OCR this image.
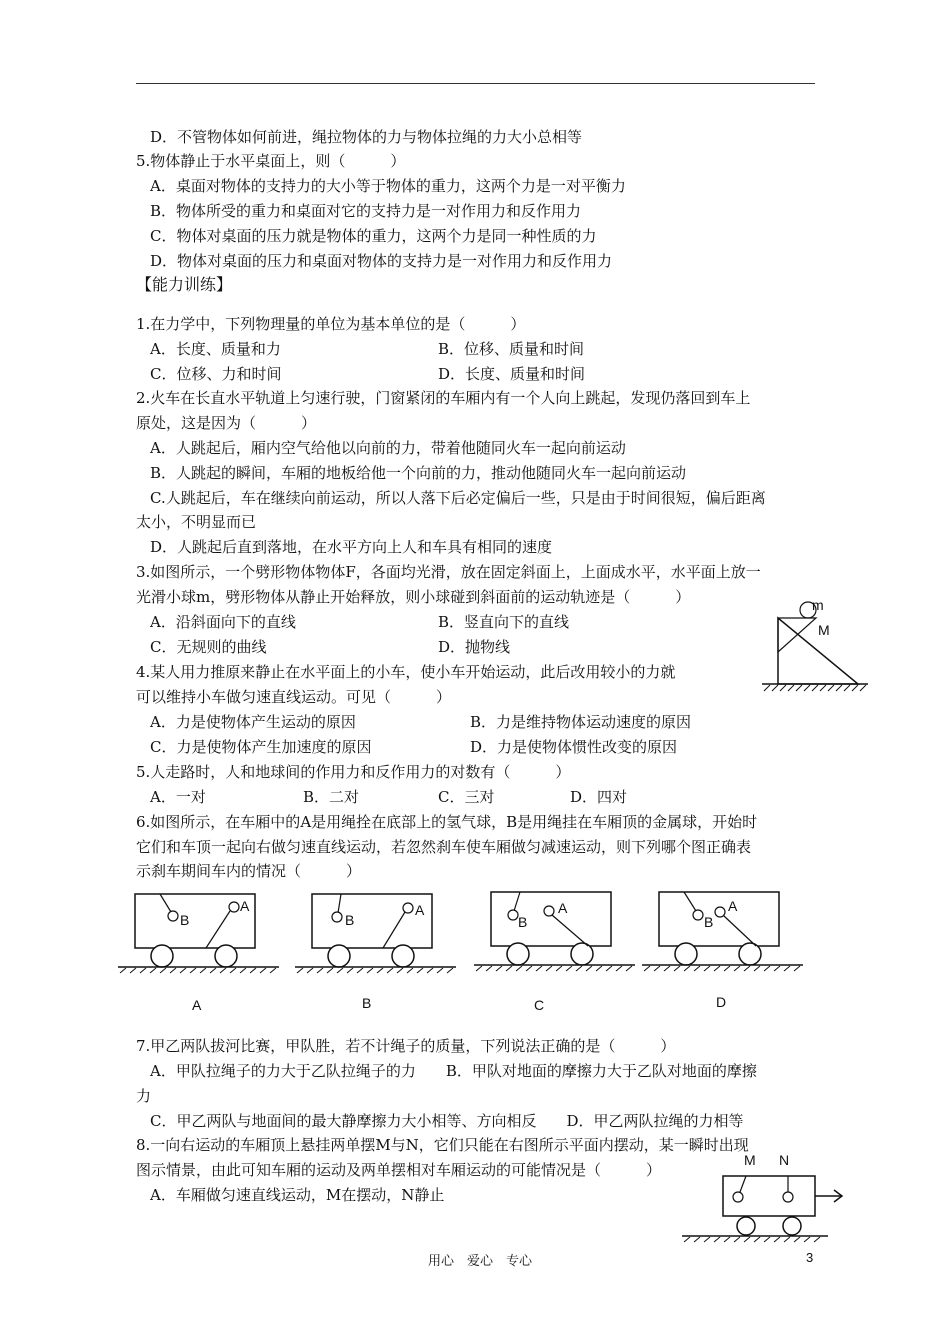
D．不管物体如何前进，绳拉物体的力与物体拉绳的力大小总相等
5.物体静止于水平桌面上，则（　　　）
A．桌面对物体的支持力的大小等于物体的重力，这两个力是一对平衡力
B．物体所受的重力和桌面对它的支持力是一对作用力和反作用力
C．物体对桌面的压力就是物体的重力，这两个力是同一种性质的力
D．物体对桌面的压力和桌面对物体的支持力是一对作用力和反作用力
【能力训练】
1.在力学中，下列物理量的单位为基本单位的是（　　　）
A．长度、质量和力	B．位移、质量和时间
C．位移、力和时间	D．长度、质量和时间
2.火车在长直水平轨道上匀速行驶，门窗紧闭的车厢内有一个人向上跳起，发现仍落回到车上
原处，这是因为（　　　）
A．人跳起后，厢内空气给他以向前的力，带着他随同火车一起向前运动
B．人跳起的瞬间，车厢的地板给他一个向前的力，推动他随同火车一起向前运动
C.人跳起后，车在继续向前运动，所以人落下后必定偏后一些，只是由于时间很短，偏后距离
太小，不明显而已
D．人跳起后直到落地，在水平方向上人和车具有相同的速度
3.如图所示，一个劈形物体物体F，各面均光滑，放在固定斜面上，上面成水平，水平面上放一
光滑小球m，劈形物体从静止开始释放，则小球碰到斜面前的运动轨迹是（　　　）
A．沿斜面向下的直线	B．竖直向下的直线
C．无规则的曲线	D．抛物线
m
M
4.某人用力推原来静止在水平面上的小车，使小车开始运动，此后改用较小的力就
可以维持小车做匀速直线运动。可见（　　　）
A．力是使物体产生运动的原因	B．力是维持物体运动速度的原因
C．力是使物体产生加速度的原因	D．力是使物体惯性改变的原因
5.人走路时，人和地球间的作用力和反作用力的对数有（　　　）
A．一对	B．二对	C．三对	D．四对
6.如图所示，在车厢中的A是用绳拴在底部上的氢气球，B是用绳挂在车厢顶的金属球，开始时
它们和车顶一起向右做匀速直线运动，若忽然刹车使车厢做匀减速运动，则下列哪个图正确表
示刹车期间车内的情况（　　　）
B
A
B
A
B
A
B
A
A	B	C	D
7.甲乙两队拔河比赛，甲队胜，若不计绳子的质量，下列说法正确的是（　　　）
A．甲队拉绳子的力大于乙队拉绳子的力　　B．甲队对地面的摩擦力大于乙队对地面的摩擦
力
C．甲乙两队与地面间的最大静摩擦力大小相等、方向相反　　D．甲乙两队拉绳的力相等
8.一向右运动的车厢顶上悬挂两单摆M与N，它们只能在右图所示平面内摆动，某一瞬时出现
图示情景，由此可知车厢的运动及两单摆相对车厢运动的可能情况是（　　　）
A．车厢做匀速直线运动，M在摆动，N静止
M N
用心　爱心　专心	3
